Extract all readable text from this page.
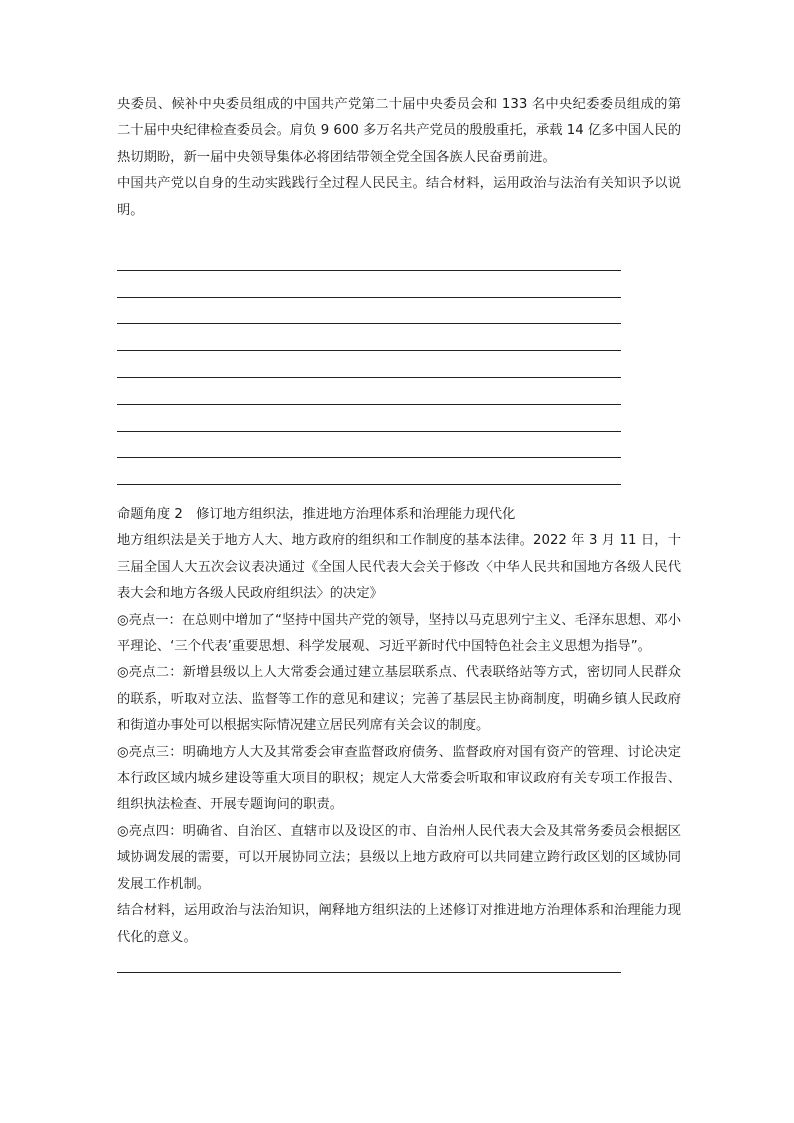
央委员、候补中央委员组成的中国共产党第二十届中央委员会和 133 名中央纪委委员组成的第二十届中央纪律检查委员会。肩负 9 600 多万名共产党员的殷殷重托，承载 14 亿多中国人民的热切期盼，新一届中央领导集体必将团结带领全党全国各族人民奋勇前进。

中国共产党以自身的生动实践践行全过程人民民主。结合材料，运用政治与法治有关知识予以说明。

命题角度 2　修订地方组织法，推进地方治理体系和治理能力现代化

地方组织法是关于地方人大、地方政府的组织和工作制度的基本法律。2022 年 3 月 11 日，十三届全国人大五次会议表决通过《全国人民代表大会关于修改〈中华人民共和国地方各级人民代表大会和地方各级人民政府组织法〉的决定》

◎亮点一：在总则中增加了“坚持中国共产党的领导，坚持以马克思列宁主义、毛泽东思想、邓小平理论、‘三个代表’重要思想、科学发展观、习近平新时代中国特色社会主义思想为指导”。

◎亮点二：新增县级以上人大常委会通过建立基层联系点、代表联络站等方式，密切同人民群众的联系，听取对立法、监督等工作的意见和建议；完善了基层民主协商制度，明确乡镇人民政府和街道办事处可以根据实际情况建立居民列席有关会议的制度。

◎亮点三：明确地方人大及其常委会审查监督政府债务、监督政府对国有资产的管理、讨论决定本行政区域内城乡建设等重大项目的职权；规定人大常委会听取和审议政府有关专项工作报告、组织执法检查、开展专题询问的职责。

◎亮点四：明确省、自治区、直辖市以及设区的市、自治州人民代表大会及其常务委员会根据区域协调发展的需要，可以开展协同立法；县级以上地方政府可以共同建立跨行政区划的区域协同发展工作机制。

结合材料，运用政治与法治知识，阐释地方组织法的上述修订对推进地方治理体系和治理能力现代化的意义。
